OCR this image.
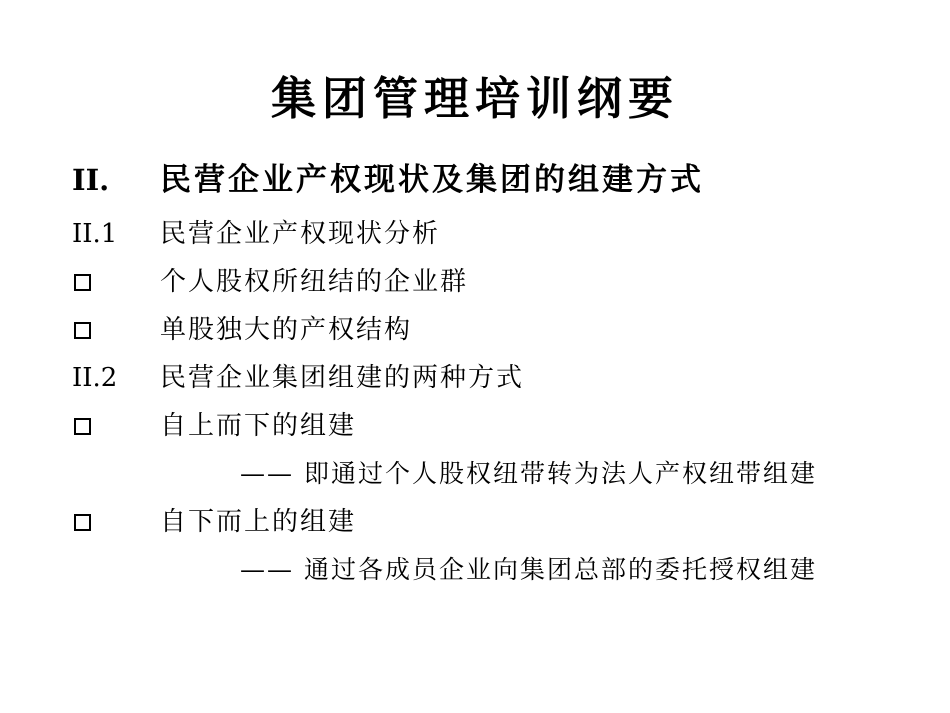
集团管理培训纲要
II.	民营企业产权现状及集团的组建方式
II.1	民营企业产权现状分析
个人股权所纽结的企业群
单股独大的产权结构
II.2	民营企业集团组建的两种方式
自上而下的组建
—— 即通过个人股权纽带转为法人产权纽带组建
自下而上的组建
—— 通过各成员企业向集团总部的委托授权组建
